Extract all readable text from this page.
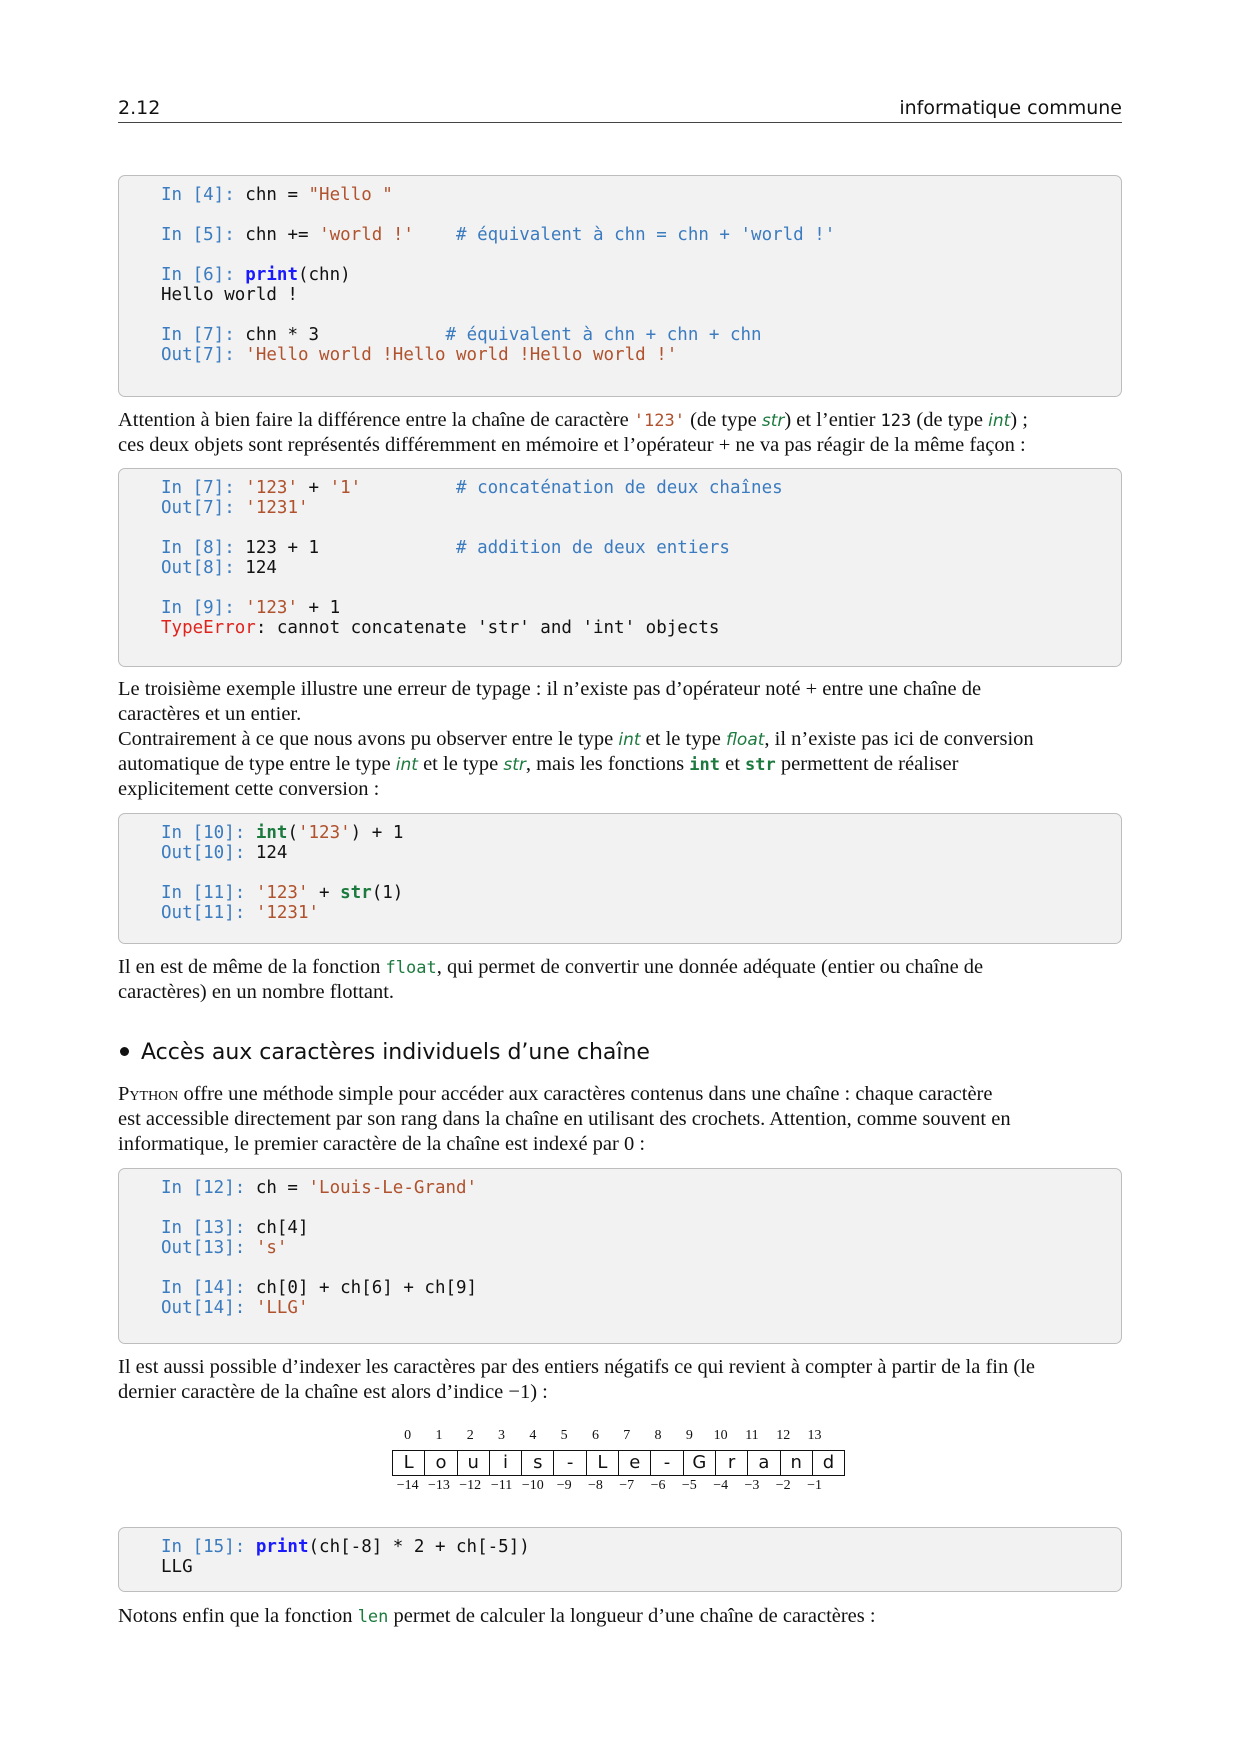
2.12	informatique commune
In [4]: chn = "Hello "
In [5]: chn += 'world !'    # équivalent à chn = chn + 'world !'
In [6]: print(chn)
Hello world !
In [7]: chn * 3            # équivalent à chn + chn + chn
Out[7]: 'Hello world !Hello world !Hello world !'
Attention à bien faire la différence entre la chaîne de caractère '123' (de type str) et l’entier 123 (de type int) ;
ces deux objets sont représentés différemment en mémoire et l’opérateur + ne va pas réagir de la même façon :
In [7]: '123' + '1'         # concaténation de deux chaînes
Out[7]: '1231'
In [8]: 123 + 1             # addition de deux entiers
Out[8]: 124
In [9]: '123' + 1
TypeError: cannot concatenate 'str' and 'int' objects
Le troisième exemple illustre une erreur de typage : il n’existe pas d’opérateur noté + entre une chaîne de
caractères et un entier.
Contrairement à ce que nous avons pu observer entre le type int et le type float, il n’existe pas ici de conversion
automatique de type entre le type int et le type str, mais les fonctions int et str permettent de réaliser
explicitement cette conversion :
In [10]: int('123') + 1
Out[10]: 124
In [11]: '123' + str(1)
Out[11]: '1231'
Il en est de même de la fonction float, qui permet de convertir une donnée adéquate (entier ou chaîne de
caractères) en un nombre flottant.
Accès aux caractères individuels d’une chaîne
Python offre une méthode simple pour accéder aux caractères contenus dans une chaîne : chaque caractère
est accessible directement par son rang dans la chaîne en utilisant des crochets. Attention, comme souvent en
informatique, le premier caractère de la chaîne est indexé par 0 :
In [12]: ch = 'Louis-Le-Grand'
In [13]: ch[4]
Out[13]: 's'
In [14]: ch[0] + ch[6] + ch[9]
Out[14]: 'LLG'
Il est aussi possible d’indexer les caractères par des entiers négatifs ce qui revient à compter à partir de la fin (le
dernier caractère de la chaîne est alors d’indice −1) :
0	1	2	3	4	5	6	7	8	9	10	11	12	13
L	o	u	i	s	-	L	e	-	G	r	a	n	d
−14 −13 −12 −11 −10 −9	−8	−7	−6	−5	−4	−3	−2	−1
In [15]: print(ch[-8] * 2 + ch[-5])
LLG
Notons enfin que la fonction len permet de calculer la longueur d’une chaîne de caractères :
